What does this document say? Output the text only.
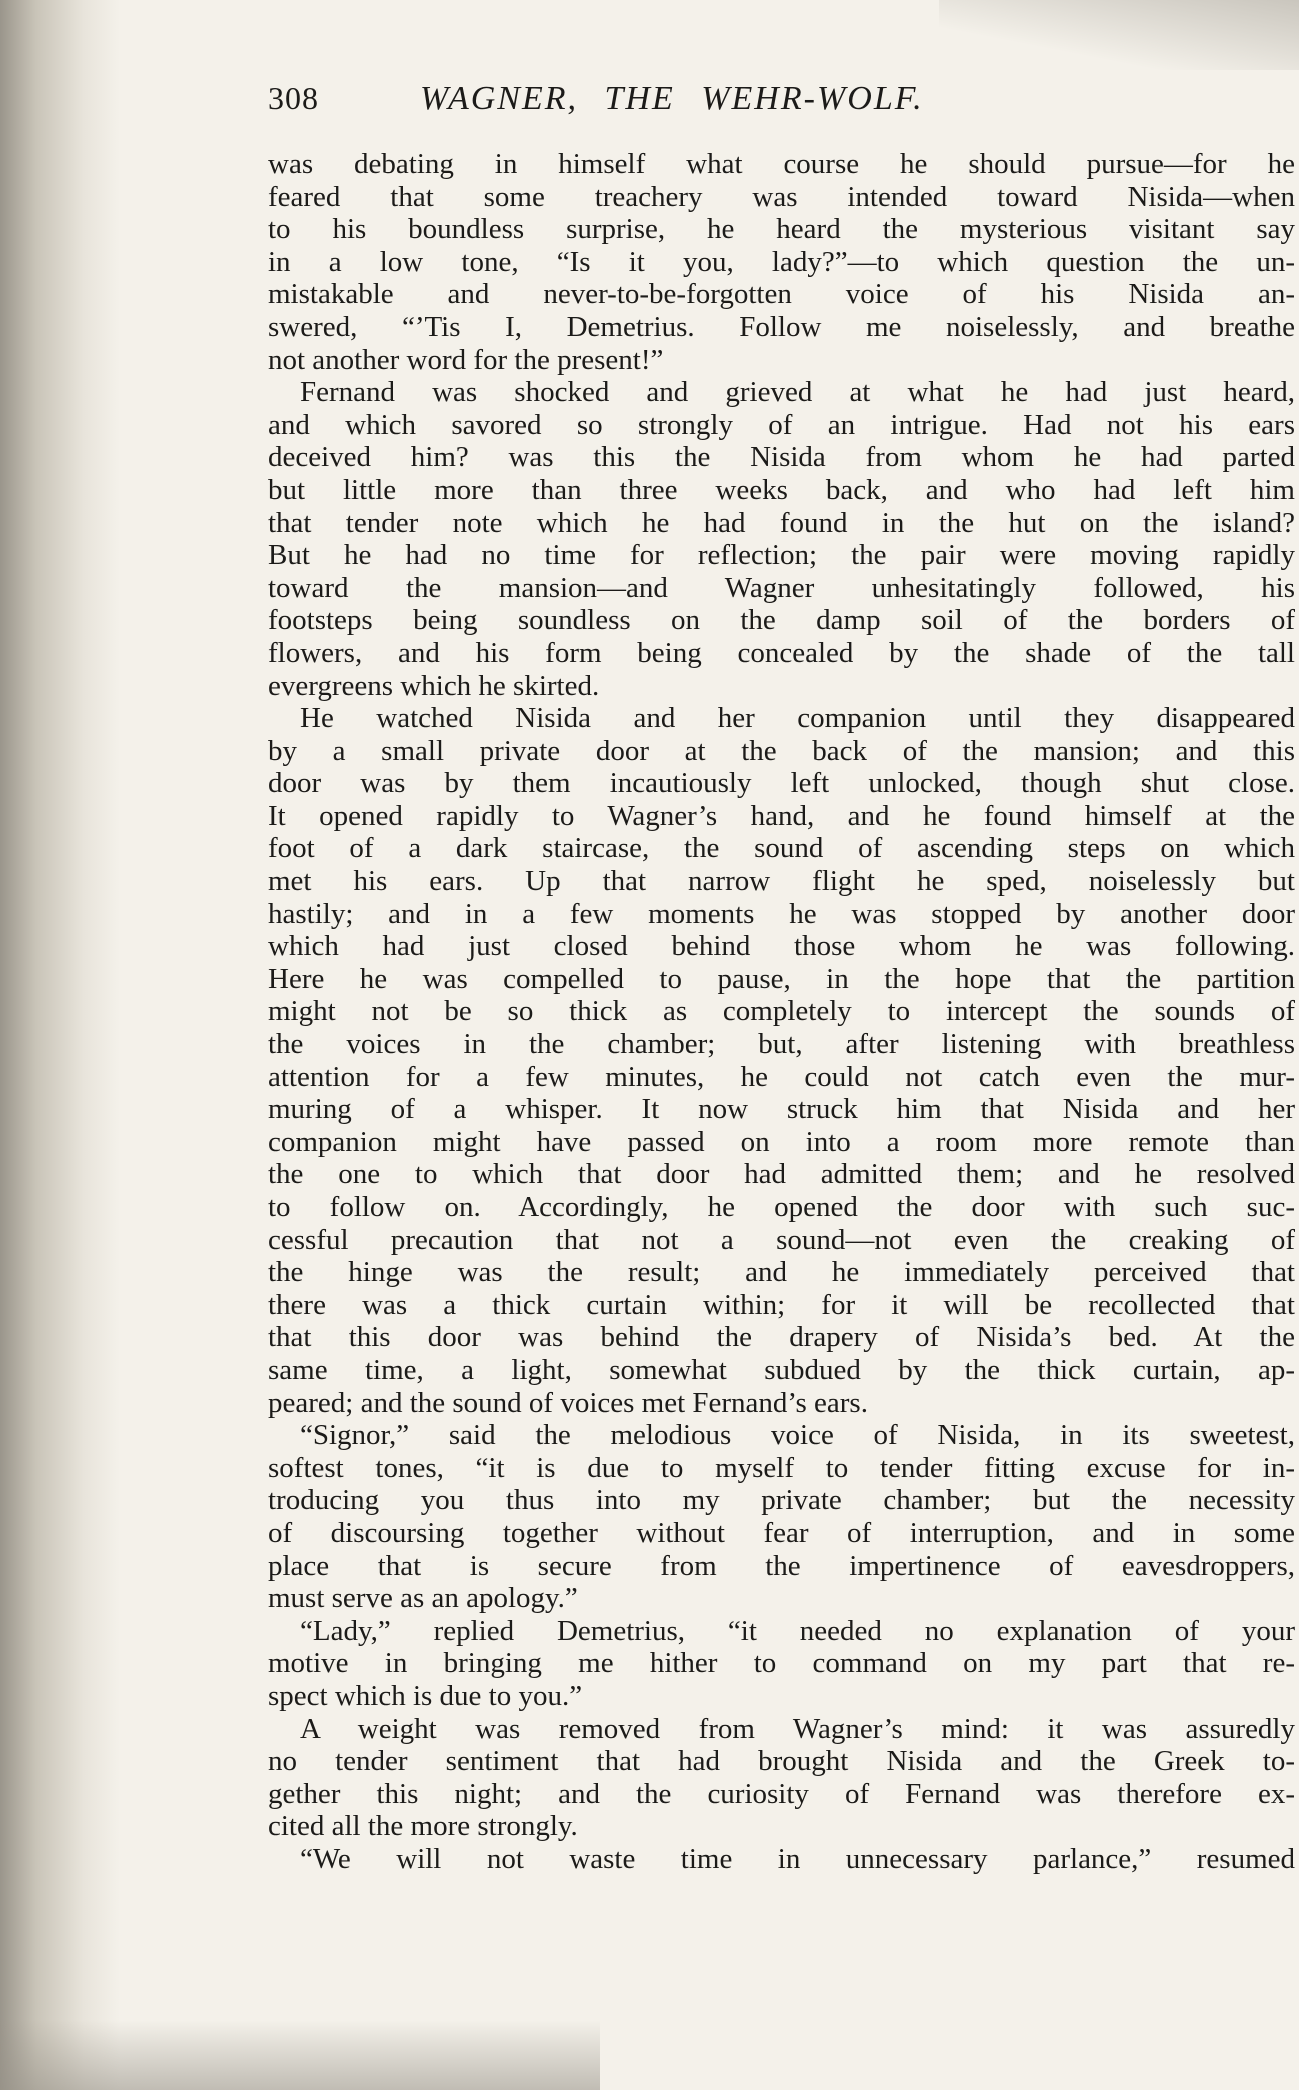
308	WAGNER, THE WEHR-WOLF.
was debating in himself what course he should pursue—for he
feared that some treachery was intended toward Nisida—when
to his boundless surprise, he heard the mysterious visitant say
in a low tone, “Is it you, lady?”—to which question the un-
mistakable and never-to-be-forgotten voice of his Nisida an-
swered, “’Tis I, Demetrius. Follow me noiselessly, and breathe
not another word for the present!”
Fernand was shocked and grieved at what he had just heard,
and which savored so strongly of an intrigue. Had not his ears
deceived him? was this the Nisida from whom he had parted
but little more than three weeks back, and who had left him
that tender note which he had found in the hut on the island?
But he had no time for reflection; the pair were moving rapidly
toward the mansion—and Wagner unhesitatingly followed, his
footsteps being soundless on the damp soil of the borders of
flowers, and his form being concealed by the shade of the tall
evergreens which he skirted.
He watched Nisida and her companion until they disappeared
by a small private door at the back of the mansion; and this
door was by them incautiously left unlocked, though shut close.
It opened rapidly to Wagner’s hand, and he found himself at the
foot of a dark staircase, the sound of ascending steps on which
met his ears. Up that narrow flight he sped, noiselessly but
hastily; and in a few moments he was stopped by another door
which had just closed behind those whom he was following.
Here he was compelled to pause, in the hope that the partition
might not be so thick as completely to intercept the sounds of
the voices in the chamber; but, after listening with breathless
attention for a few minutes, he could not catch even the mur-
muring of a whisper. It now struck him that Nisida and her
companion might have passed on into a room more remote than
the one to which that door had admitted them; and he resolved
to follow on. Accordingly, he opened the door with such suc-
cessful precaution that not a sound—not even the creaking of
the hinge was the result; and he immediately perceived that
there was a thick curtain within; for it will be recollected that
that this door was behind the drapery of Nisida’s bed. At the
same time, a light, somewhat subdued by the thick curtain, ap-
peared; and the sound of voices met Fernand’s ears.
“Signor,” said the melodious voice of Nisida, in its sweetest,
softest tones, “it is due to myself to tender fitting excuse for in-
troducing you thus into my private chamber; but the necessity
of discoursing together without fear of interruption, and in some
place that is secure from the impertinence of eavesdroppers,
must serve as an apology.”
“Lady,” replied Demetrius, “it needed no explanation of your
motive in bringing me hither to command on my part that re-
spect which is due to you.”
A weight was removed from Wagner’s mind: it was assuredly
no tender sentiment that had brought Nisida and the Greek to-
gether this night; and the curiosity of Fernand was therefore ex-
cited all the more strongly.
“We will not waste time in unnecessary parlance,” resumed
